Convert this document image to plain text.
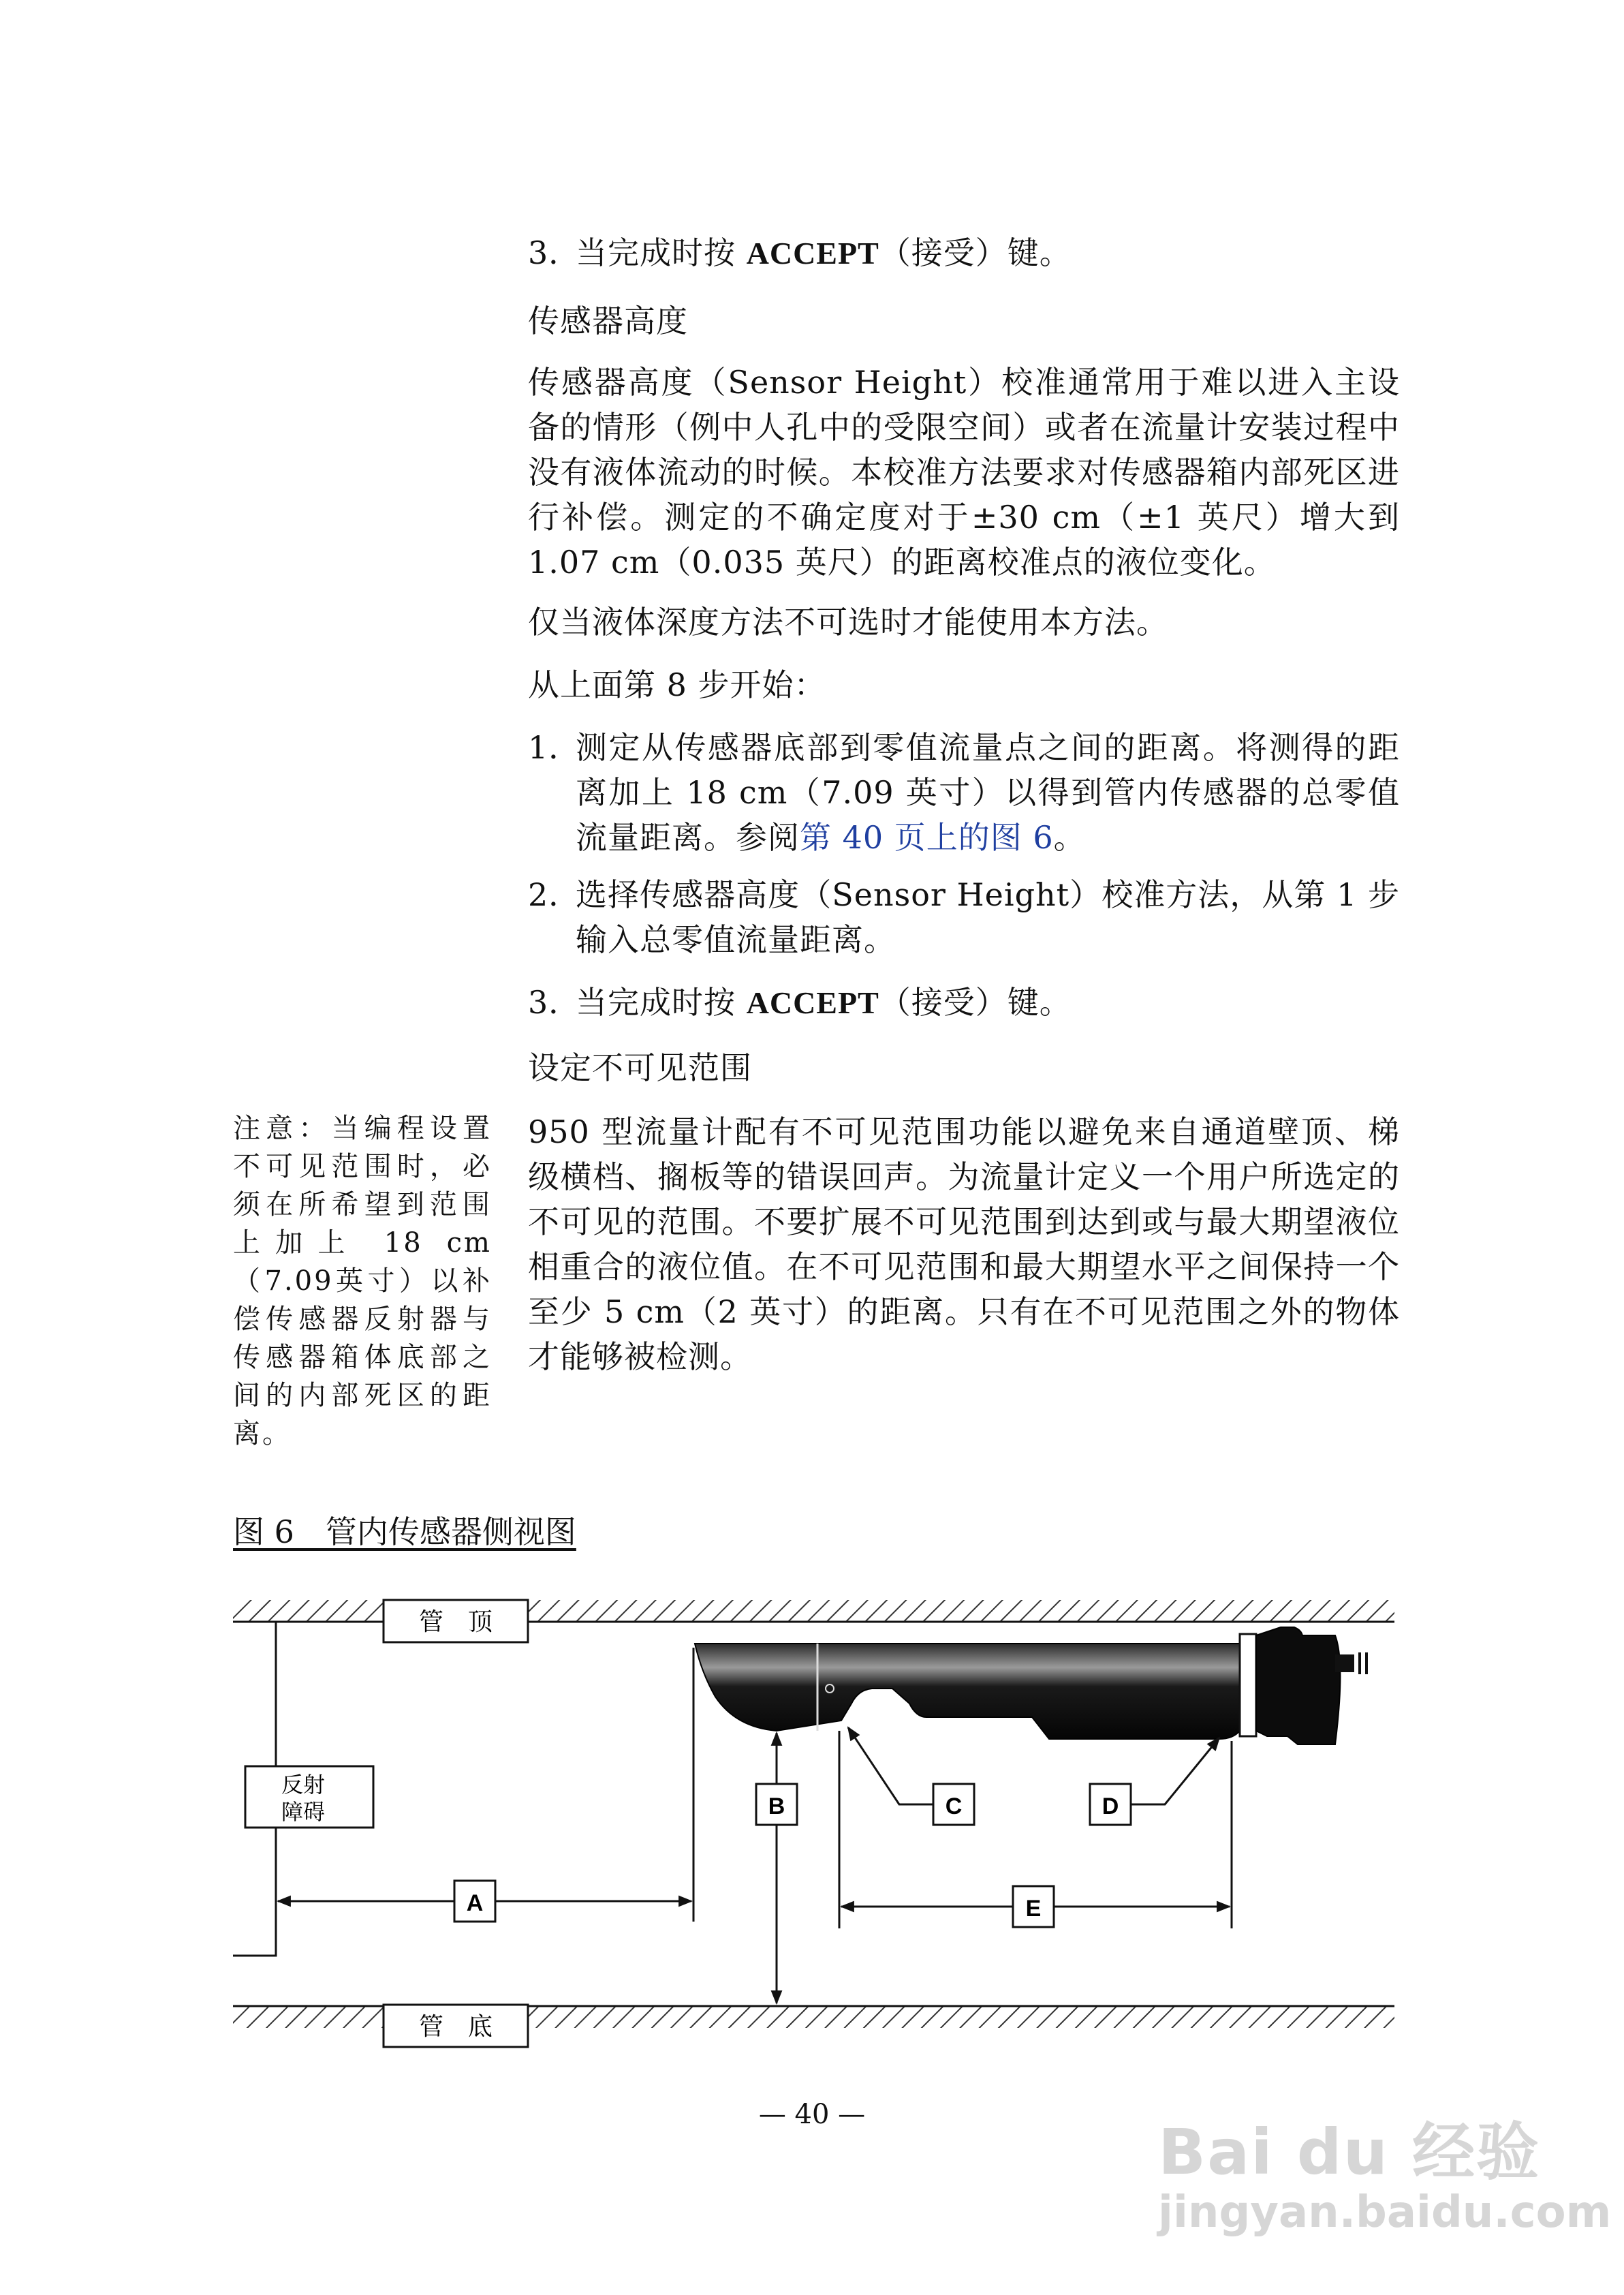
3．
当完成时按 ACCEPT（接受）键。
传感器高度
传感器高度（Sensor Height）校准通常用于难以进入主设备的情形（例中人孔中的受限空间）或者在流量计安装过程中没有液体流动的时候。本校准方法要求对传感器箱内部死区进行补偿。测定的不确定度对于±30 cm（±1 英尺）增大到 1.07 cm（0.035 英尺）的距离校准点的液位变化。
仅当液体深度方法不可选时才能使用本方法。
从上面第 8 步开始：
1．
测定从传感器底部到零值流量点之间的距离。将测得的距离加上 18 cm（7.09 英寸）以得到管内传感器的总零值流量距离。参阅第 40 页上的图 6。
2．
选择传感器高度（Sensor Height）校准方法，从第 1 步输入总零值流量距离。
3．
当完成时按 ACCEPT（接受）键。
设定不可见范围
950 型流量计配有不可见范围功能以避免来自通道壁顶、梯级横档、搁板等的错误回声。为流量计定义一个用户所选定的不可见的范围。不要扩展不可见范围到达到或与最大期望液位相重合的液位值。在不可见范围和最大期望水平之间保持一个至少 5 cm（2 英寸）的距离。只有在不可见范围之外的物体才能够被检测。
注意：当编程设置不可见范围时，必须在所希望到范围上加上 18 cm（7.09英寸）以补偿传感器反射器与传感器箱体底部之间的内部死区的距离。
图 6　管内传感器侧视图
管　顶
管　底
反射
障碍
A
B	C	D
E
— 40 —
Bai du 经验
jingyan.baidu.com
